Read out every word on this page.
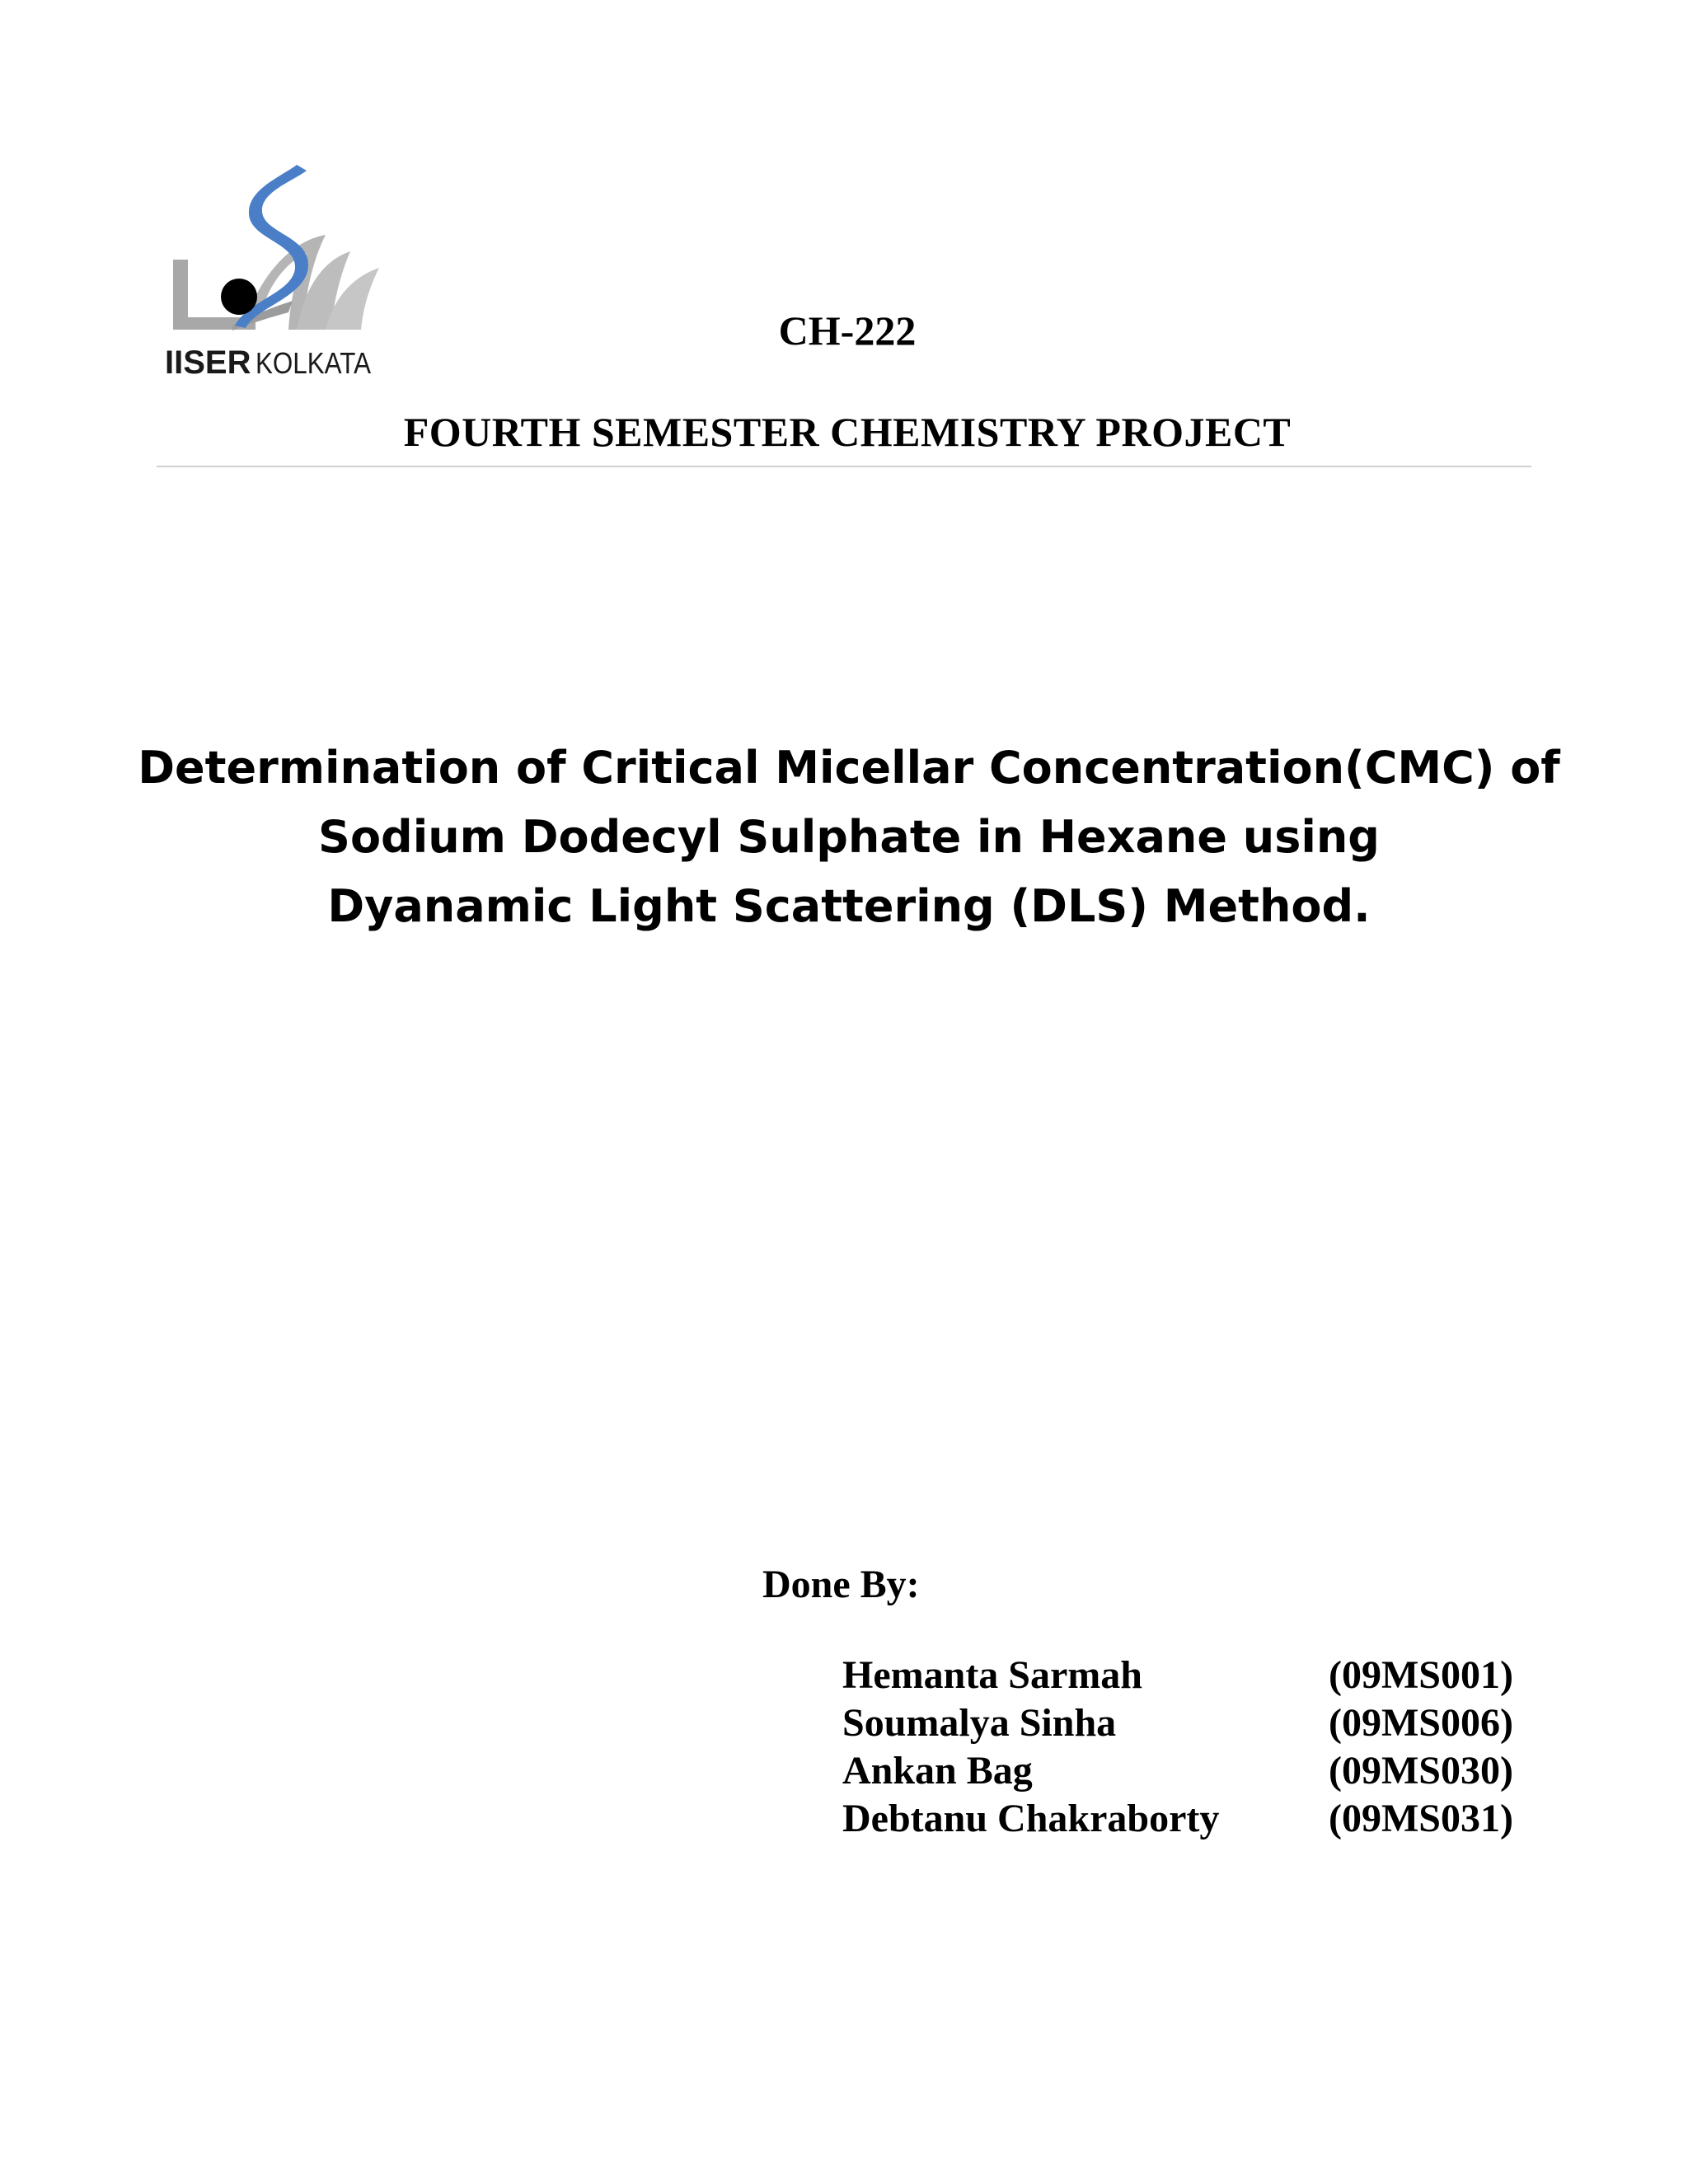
IISER KOLKATA
CH-222
FOURTH SEMESTER CHEMISTRY PROJECT
Determination of Critical Micellar Concentration(CMC) of
Sodium Dodecyl Sulphate in Hexane using
Dyanamic Light Scattering (DLS) Method.
Done By:
Hemanta Sarmah	(09MS001)
Soumalya Sinha	(09MS006)
Ankan Bag	(09MS030)
Debtanu Chakraborty	(09MS031)
